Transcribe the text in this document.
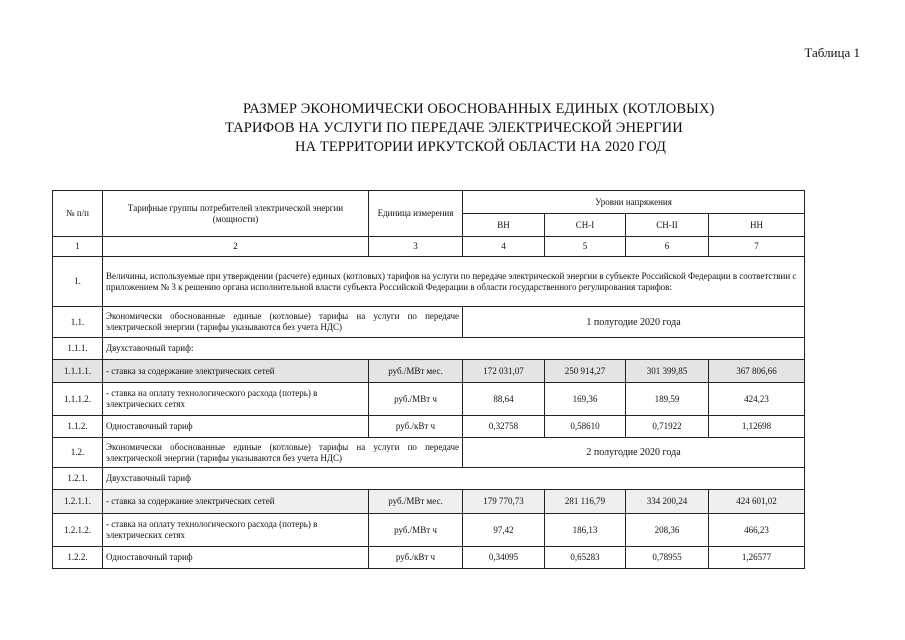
Таблица 1
РАЗМЕР ЭКОНОМИЧЕСКИ ОБОСНОВАННЫХ ЕДИНЫХ (КОТЛОВЫХ)
ТАРИФОВ НА УСЛУГИ ПО ПЕРЕДАЧЕ ЭЛЕКТРИЧЕСКОЙ ЭНЕРГИИ
НА ТЕРРИТОРИИ ИРКУТСКОЙ ОБЛАСТИ НА 2020 ГОД
№ п/п	Тарифные группы потребителей электрической энергии (мощности)	Единица измерения	Уровни напряжения			
			ВН	СН-I	СН-II	НН
1	2	3	4	5	6	7
1.	Величины, используемые при утверждении (расчете) единых (котловых) тарифов на услуги по передаче электрической энергии в субъекте Российской Федерации в соответствии с приложением № 3 к решению органа исполнительной власти субъекта Российской Федерации в области государственного регулирования тарифов:					
1.1.	Экономически обоснованные единые (котловые) тарифы на услуги по передаче электрической энергии (тарифы указываются без учета НДС)		1 полугодие 2020 года			
1.1.1.	Двухставочный тариф:					
1.1.1.1.	- ставка за содержание электрических сетей	руб./МВт мес.	172 031,07	250 914,27	301 399,85	367 806,66
1.1.1.2.	- ставка на оплату технологического расхода (потерь) в электрических сетях	руб./МВт ч	88,64	169,36	189,59	424,23
1.1.2.	Одноставочный тариф	руб./кВт ч	0,32758	0,58610	0,71922	1,12698
1.2.	Экономически обоснованные единые (котловые) тарифы на услуги по передаче электрической энергии (тарифы указываются без учета НДС)		2 полугодие 2020 года			
1.2.1.	Двухставочный тариф					
1.2.1.1.	- ставка за содержание электрических сетей	руб./МВт мес.	179 770,73	281 116,79	334 200,24	424 601,02
1.2.1.2.	- ставка на оплату технологического расхода (потерь) в электрических сетях	руб./МВт ч	97,42	186,13	208,36	466,23
1.2.2.	Одноставочный тариф	руб./кВт ч	0,34095	0,65283	0,78955	1,26577
